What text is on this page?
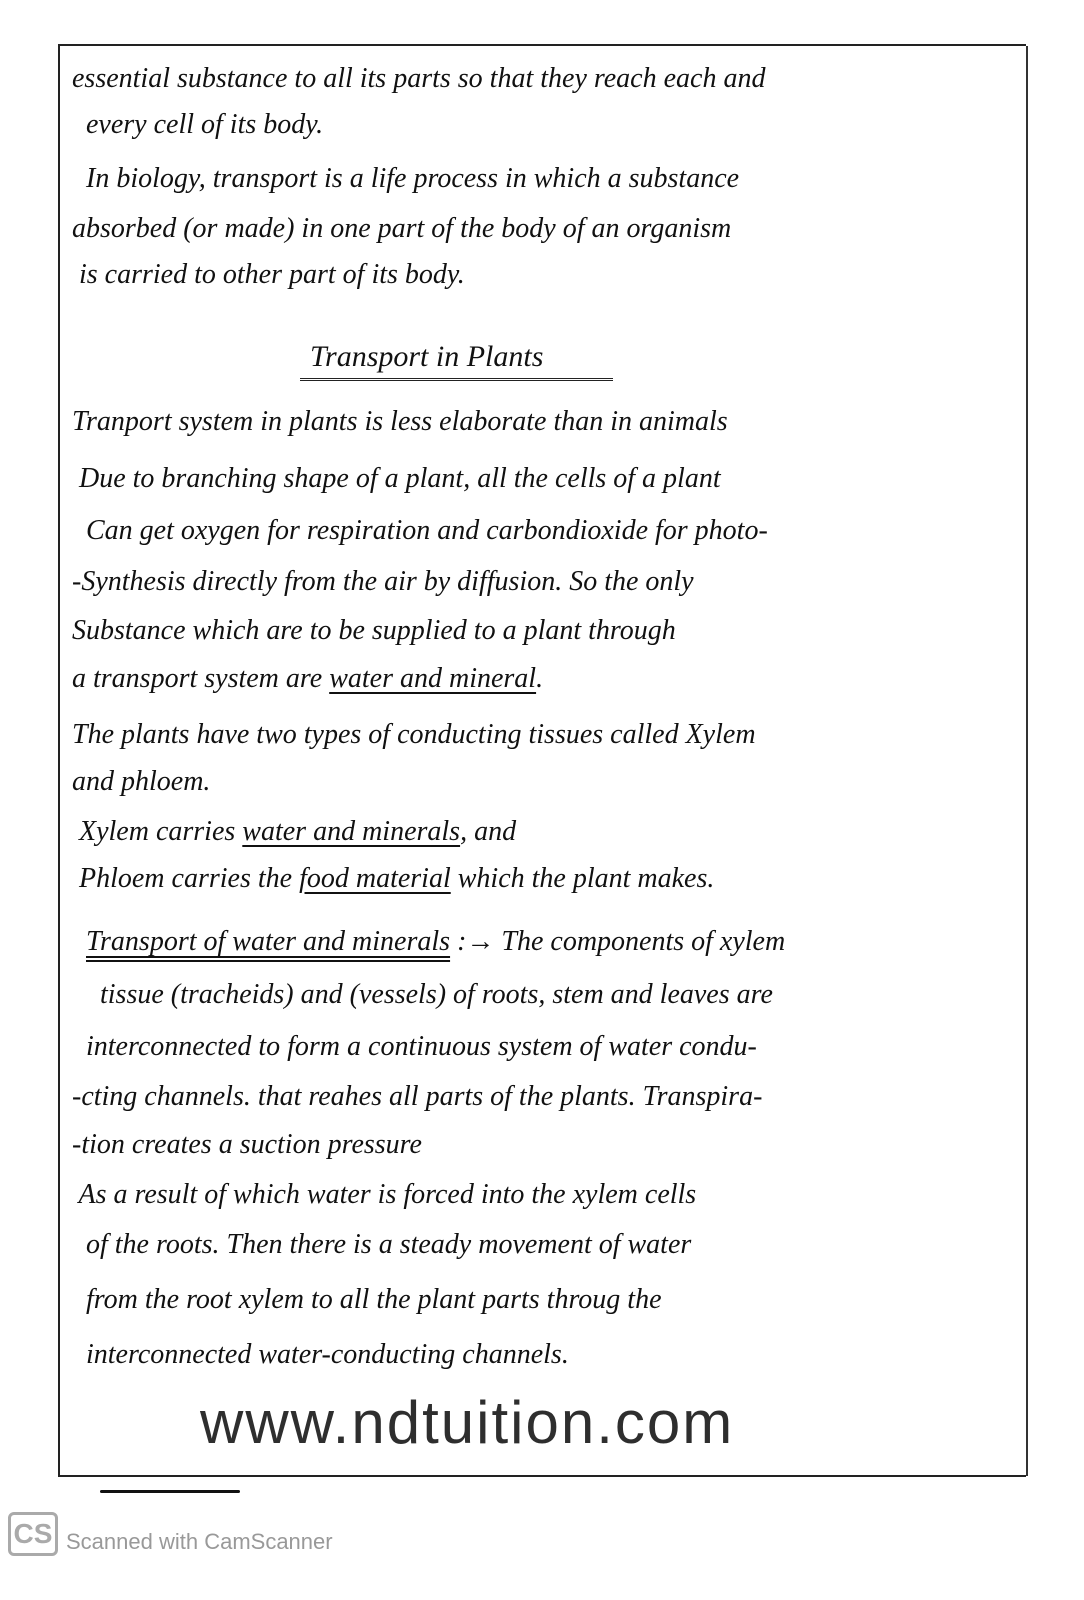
Transport in Plants
essential substance to all its parts so that they reach each and
every cell of its body.
In biology, transport is a life process in which a substance
absorbed (or made) in one part of the body of an organism
is carried to other part of its body.
Tranport system in plants is less elaborate than in animals
Due to branching shape of a plant, all the cells of a plant
Can get oxygen for respiration and carbondioxide for photo-
-Synthesis directly from the air by diffusion. So the only
Substance which are to be supplied to a plant through
a transport system are water and mineral.
The plants have two types of conducting tissues called Xylem
and phloem.
Xylem carries water and minerals, and
Phloem carries the food material which the plant makes.
Transport of water and minerals :→ The components of xylem
tissue (tracheids) and (vessels) of roots, stem and leaves are
interconnected to form a continuous system of water condu-
-cting channels. that reahes all parts of the plants. Transpira-
-tion creates a suction pressure
As a result of which water is forced into the xylem cells
of the roots. Then there is a steady movement of water
from the root xylem to all the plant parts throug the
interconnected water-conducting channels.
www.ndtuition.com
CS Scanned with CamScanner
